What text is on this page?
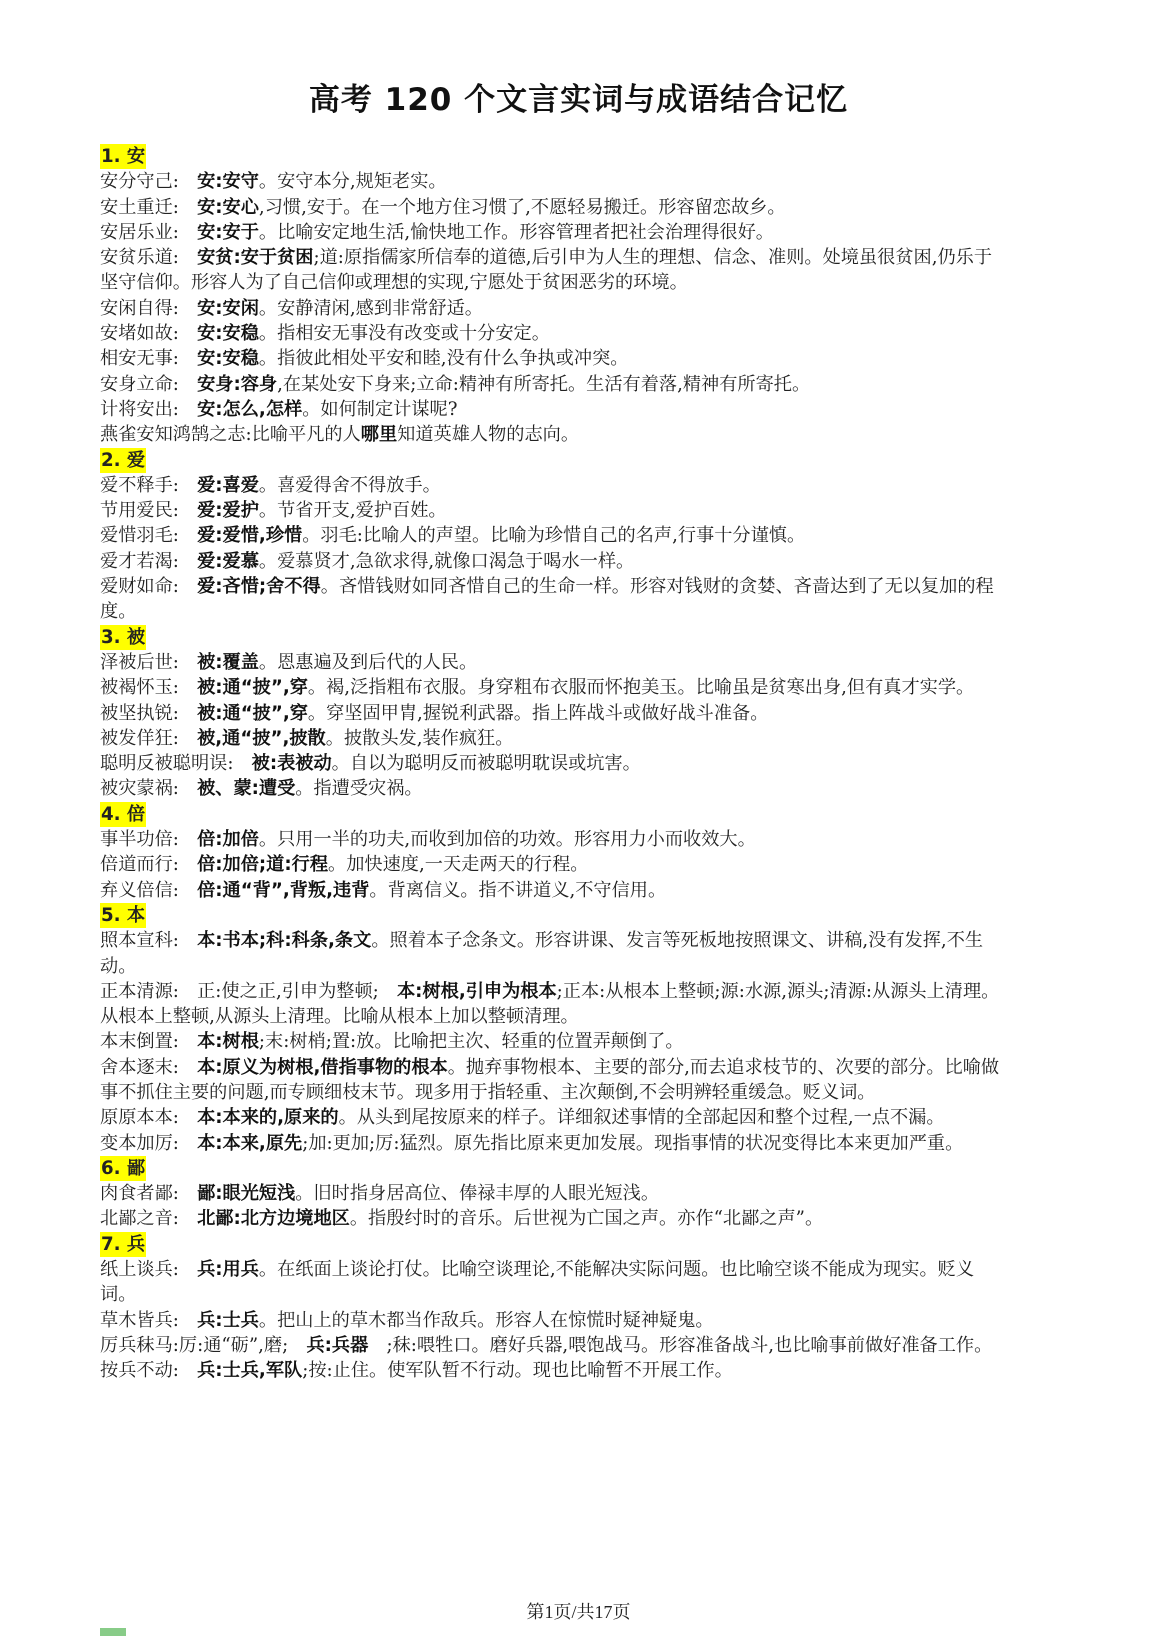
高考 120 个文言实词与成语结合记忆
1. 安

安分守己:　安:安守。安守本分,规矩老实。

安土重迁:　安:安心,习惯,安于。在一个地方住习惯了,不愿轻易搬迁。形容留恋故乡。

安居乐业:　安:安于。比喻安定地生活,愉快地工作。形容管理者把社会治理得很好。

安贫乐道:　安贫:安于贫困;道:原指儒家所信奉的道德,后引申为人生的理想、信念、准则。处境虽很贫困,仍乐于坚守信仰。形容人为了自己信仰或理想的实现,宁愿处于贫困恶劣的环境。

安闲自得:　安:安闲。安静清闲,感到非常舒适。

安堵如故:　安:安稳。指相安无事没有改变或十分安定。

相安无事:　安:安稳。指彼此相处平安和睦,没有什么争执或冲突。

安身立命:　安身:容身,在某处安下身来;立命:精神有所寄托。生活有着落,精神有所寄托。

计将安出:　安:怎么,怎样。如何制定计谋呢?

燕雀安知鸿鹄之志:比喻平凡的人哪里知道英雄人物的志向。

2. 爱

爱不释手:　爱:喜爱。喜爱得舍不得放手。

节用爱民:　爱:爱护。节省开支,爱护百姓。

爱惜羽毛:　爱:爱惜,珍惜。羽毛:比喻人的声望。比喻为珍惜自己的名声,行事十分谨慎。

爱才若渴:　爱:爱慕。爱慕贤才,急欲求得,就像口渴急于喝水一样。

爱财如命:　爱:吝惜;舍不得。吝惜钱财如同吝惜自己的生命一样。形容对钱财的贪婪、吝啬达到了无以复加的程度。

3. 被

泽被后世:　被:覆盖。恩惠遍及到后代的人民。

被褐怀玉:　被:通“披”,穿。褐,泛指粗布衣服。身穿粗布衣服而怀抱美玉。比喻虽是贫寒出身,但有真才实学。

被坚执锐:　被:通“披”,穿。穿坚固甲胄,握锐利武器。指上阵战斗或做好战斗准备。

被发佯狂:　被,通“披”,披散。披散头发,装作疯狂。

聪明反被聪明误:　被:表被动。自以为聪明反而被聪明耽误或坑害。

被灾蒙祸:　被、蒙:遭受。指遭受灾祸。

4. 倍

事半功倍:　倍:加倍。只用一半的功夫,而收到加倍的功效。形容用力小而收效大。

倍道而行:　倍:加倍;道:行程。加快速度,一天走两天的行程。

弃义倍信:　倍:通“背”,背叛,违背。背离信义。指不讲道义,不守信用。

5. 本

照本宣科:　本:书本;科:科条,条文。照着本子念条文。形容讲课、发言等死板地按照课文、讲稿,没有发挥,不生动。

正本清源:　正:使之正,引申为整顿;　本:树根,引申为根本;正本:从根本上整顿;源:水源,源头;清源:从源头上清理。从根本上整顿,从源头上清理。比喻从根本上加以整顿清理。

本末倒置:　本:树根;末:树梢;置:放。比喻把主次、轻重的位置弄颠倒了。

舍本逐末:　本:原义为树根,借指事物的根本。抛弃事物根本、主要的部分,而去追求枝节的、次要的部分。比喻做事不抓住主要的问题,而专顾细枝末节。现多用于指轻重、主次颠倒,不会明辨轻重缓急。贬义词。

原原本本:　本:本来的,原来的。从头到尾按原来的样子。详细叙述事情的全部起因和整个过程,一点不漏。

变本加厉:　本:本来,原先;加:更加;厉:猛烈。原先指比原来更加发展。现指事情的状况变得比本来更加严重。

6. 鄙

肉食者鄙:　鄙:眼光短浅。旧时指身居高位、俸禄丰厚的人眼光短浅。

北鄙之音:　北鄙:北方边境地区。指殷纣时的音乐。后世视为亡国之声。亦作“北鄙之声”。

7. 兵

纸上谈兵:　兵:用兵。在纸面上谈论打仗。比喻空谈理论,不能解决实际问题。也比喻空谈不能成为现实。贬义词。

草木皆兵:　兵:士兵。把山上的草木都当作敌兵。形容人在惊慌时疑神疑鬼。

厉兵秣马:厉:通“砺”,磨;　兵:兵器　;秣:喂牲口。磨好兵器,喂饱战马。形容准备战斗,也比喻事前做好准备工作。

按兵不动:　兵:士兵,军队;按:止住。使军队暂不行动。现也比喻暂不开展工作。

第1页/共17页
